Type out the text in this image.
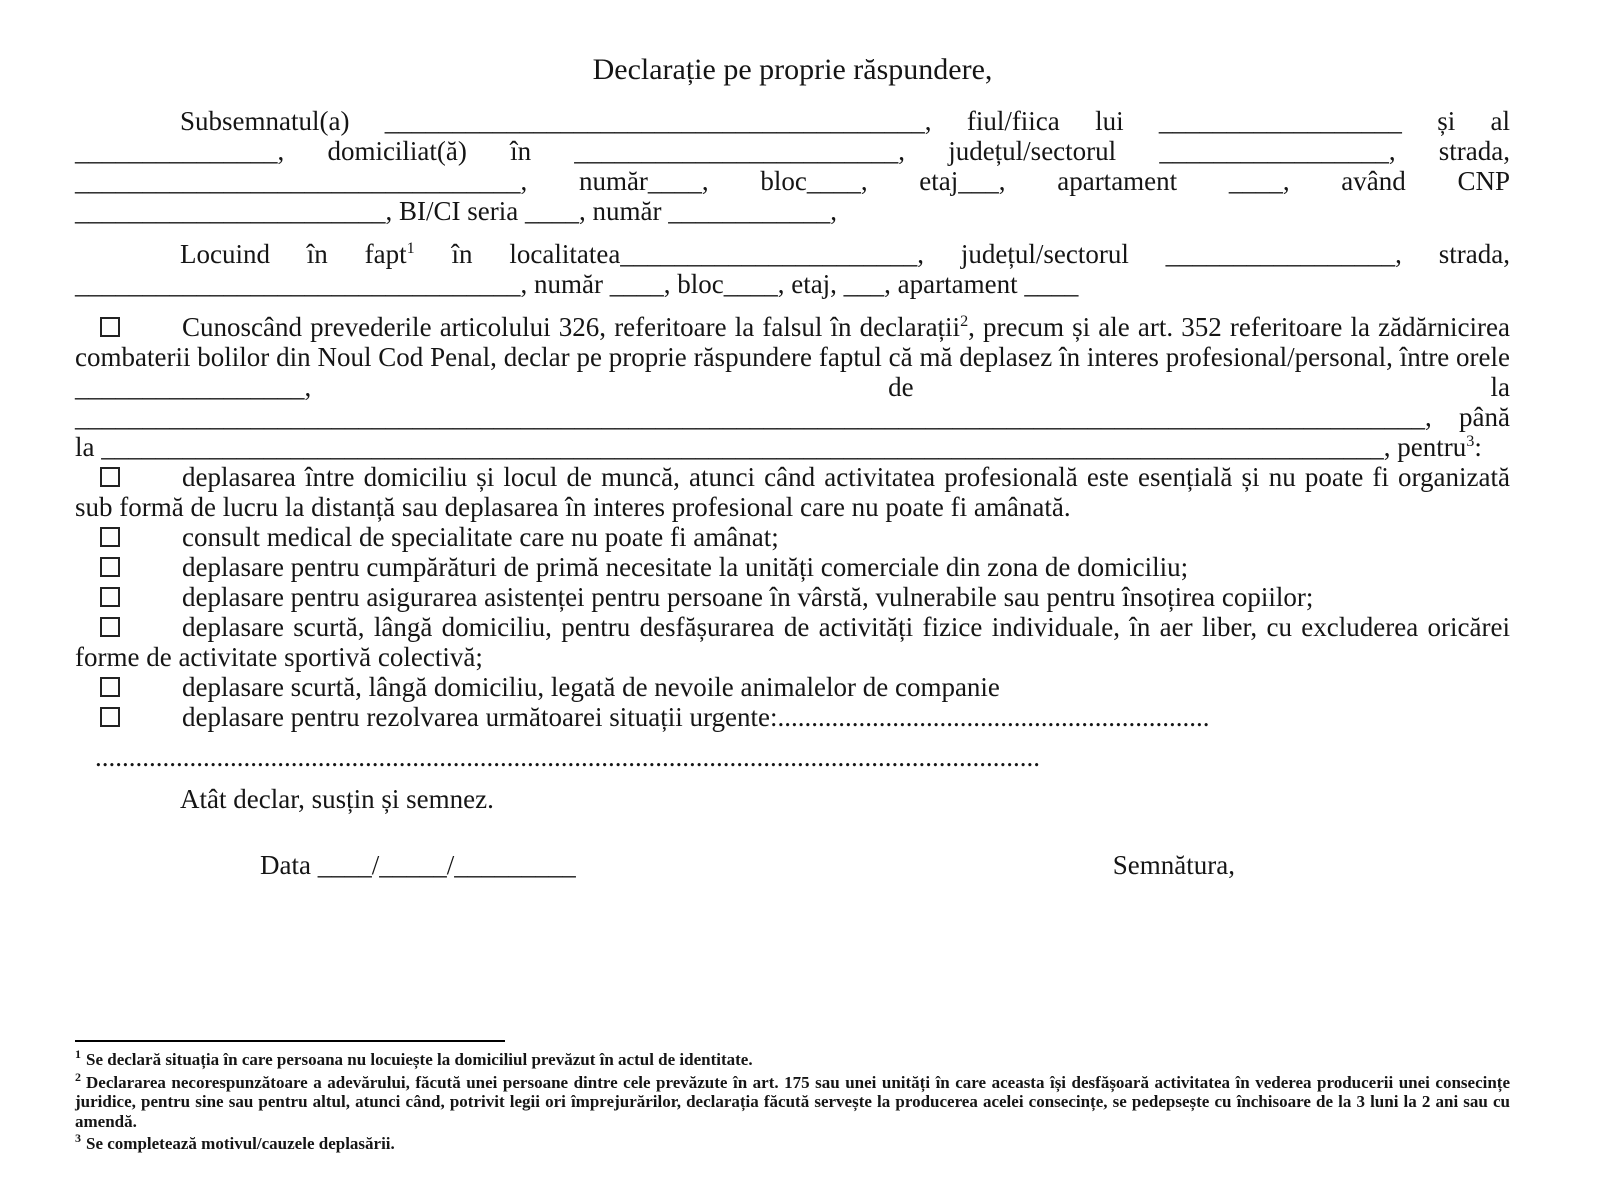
Declarație pe proprie răspundere,

Subsemnatul(a) ________________________________________, fiul/fiica lui __________________ și al _______________, domiciliat(ă) în ________________________, județul/sectorul _________________, strada, _________________________________, număr____, bloc____, etaj___, apartament ____, având CNP _______________________, BI/CI seria ____, număr ____________,

Locuind în fapt$^1$ în localitatea______________________, județul/sectorul _________________, strada, _________________________________, număr ____, bloc____, etaj, ___, apartament ____

Cunoscând prevederile articolului 326, referitoare la falsul în declarații$^2$, precum și ale art. 352 referitoare la zădărnicirea combaterii bolilor din Noul Cod Penal, declar pe proprie răspundere faptul că mă deplasez în interes profesional/personal, între orele _________________, de la ____________________________________________________________________________________________________, până la _______________________________________________________________________________________________, pentru$^3$:

deplasarea între domiciliu și locul de muncă, atunci când activitatea profesională este esențială și nu poate fi organizată sub formă de lucru la distanță sau deplasarea în interes profesional care nu poate fi amânată.

consult medical de specialitate care nu poate fi amânat;

deplasare pentru cumpărături de primă necesitate la unități comerciale din zona de domiciliu;

deplasare pentru asigurarea asistenței pentru persoane în vârstă, vulnerabile sau pentru însoțirea copiilor;

deplasare scurtă, lângă domiciliu, pentru desfășurarea de activități fizice individuale, în aer liber, cu excluderea oricărei forme de activitate sportivă colectivă;

deplasare scurtă, lângă domiciliu, legată de nevoile animalelor de companie

deplasare pentru rezolvarea următoarei situații urgente:................................................................

............................................................................................................................................

Atât declar, susțin și semnez.

Data ____/_____/_________	Semnătura,

$^1$ Se declară situația în care persoana nu locuiește la domiciliul prevăzut în actul de identitate.

$^2$ Declararea necorespunzătoare a adevărului, făcută unei persoane dintre cele prevăzute în art. 175 sau unei unități în care aceasta își desfășoară activitatea în vederea producerii unei consecințe juridice, pentru sine sau pentru altul, atunci când, potrivit legii ori împrejurărilor, declarația făcută servește la producerea acelei consecințe, se pedepsește cu închisoare de la 3 luni la 2 ani sau cu amendă.

$^3$ Se completează motivul/cauzele deplasării.
